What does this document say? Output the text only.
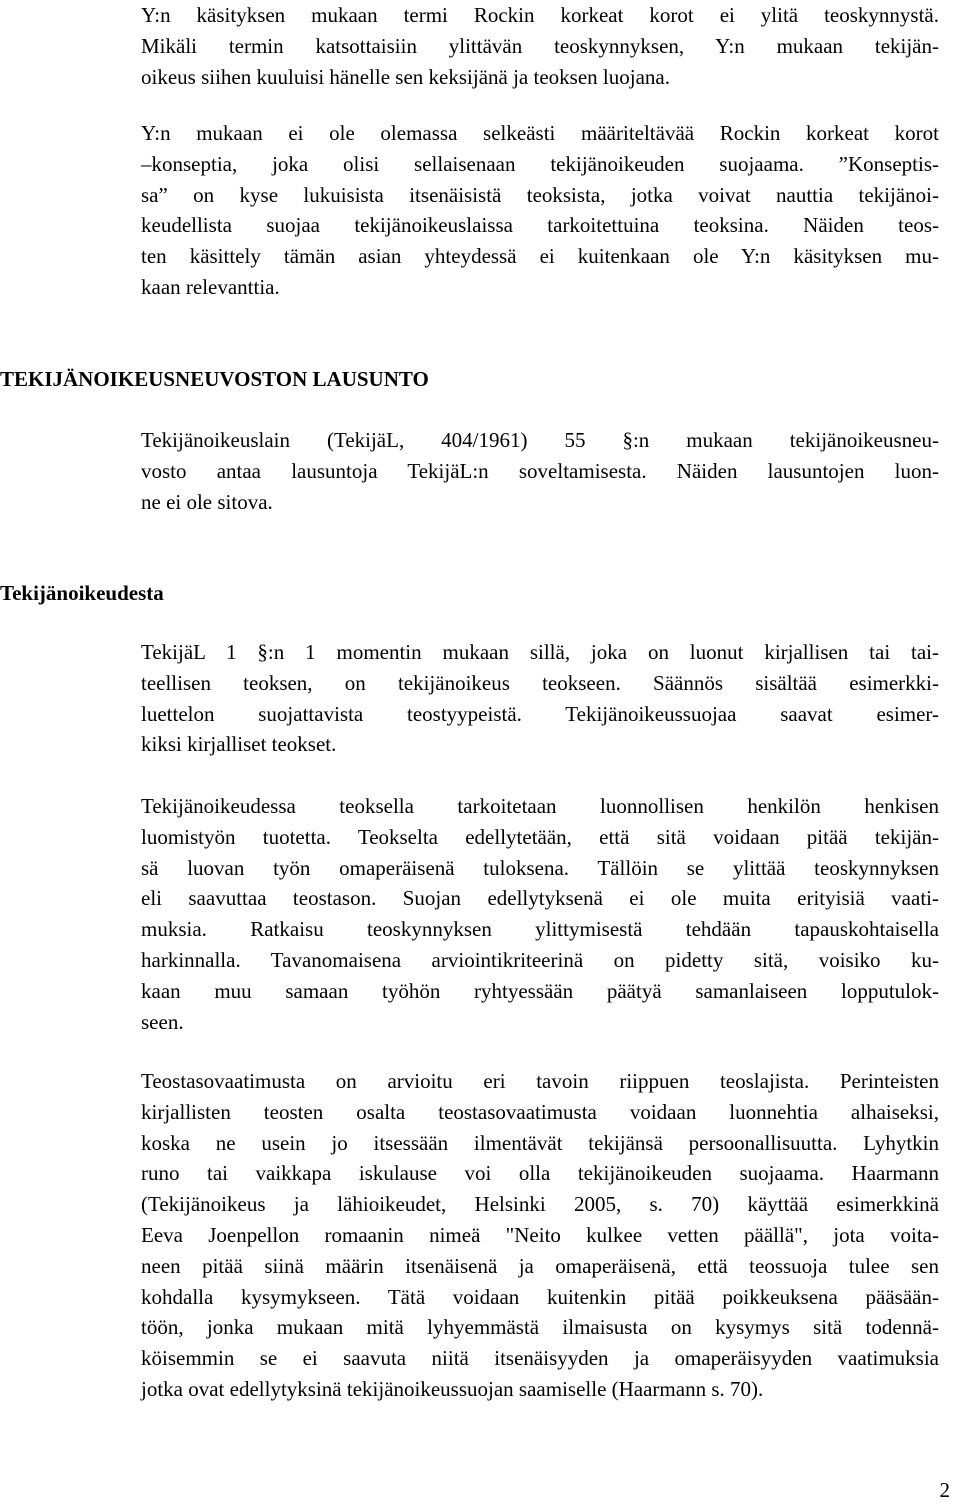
Y:n käsityksen mukaan termi Rockin korkeat korot ei ylitä teoskynnystä.
Mikäli termin katsottaisiin ylittävän teoskynnyksen, Y:n mukaan tekijän-
oikeus siihen kuuluisi hänelle sen keksijänä ja teoksen luojana.
Y:n mukaan ei ole olemassa selkeästi määriteltävää Rockin korkeat korot
–konseptia, joka olisi sellaisenaan tekijänoikeuden suojaama. ”Konseptis-
sa” on kyse lukuisista itsenäisistä teoksista, jotka voivat nauttia tekijänoi-
keudellista suojaa tekijänoikeuslaissa tarkoitettuina teoksina. Näiden teos-
ten käsittely tämän asian yhteydessä ei kuitenkaan ole Y:n käsityksen mu-
kaan relevanttia.
TEKIJÄNOIKEUSNEUVOSTON LAUSUNTO
Tekijänoikeuslain (TekijäL, 404/1961) 55 §:n mukaan tekijänoikeusneu-
vosto antaa lausuntoja TekijäL:n soveltamisesta. Näiden lausuntojen luon-
ne ei ole sitova.
Tekijänoikeudesta
TekijäL 1 §:n 1 momentin mukaan sillä, joka on luonut kirjallisen tai tai-
teellisen teoksen, on tekijänoikeus teokseen. Säännös sisältää esimerkki-
luettelon suojattavista teostyypeistä. Tekijänoikeussuojaa saavat esimer-
kiksi kirjalliset teokset.
Tekijänoikeudessa teoksella tarkoitetaan luonnollisen henkilön henkisen
luomistyön tuotetta. Teokselta edellytetään, että sitä voidaan pitää tekijän-
sä luovan työn omaperäisenä tuloksena. Tällöin se ylittää teoskynnyksen
eli saavuttaa teostason. Suojan edellytyksenä ei ole muita erityisiä vaati-
muksia. Ratkaisu teoskynnyksen ylittymisestä tehdään tapauskohtaisella
harkinnalla. Tavanomaisena arviointikriteerinä on pidetty sitä, voisiko ku-
kaan muu samaan työhön ryhtyessään päätyä samanlaiseen lopputulok-
seen.
Teostasovaatimusta on arvioitu eri tavoin riippuen teoslajista. Perinteisten
kirjallisten teosten osalta teostasovaatimusta voidaan luonnehtia alhaiseksi,
koska ne usein jo itsessään ilmentävät tekijänsä persoonallisuutta. Lyhytkin
runo tai vaikkapa iskulause voi olla tekijänoikeuden suojaama. Haarmann
(Tekijänoikeus ja lähioikeudet, Helsinki 2005, s. 70) käyttää esimerkkinä
Eeva Joenpellon romaanin nimeä "Neito kulkee vetten päällä", jota voita-
neen pitää siinä määrin itsenäisenä ja omaperäisenä, että teossuoja tulee sen
kohdalla kysymykseen. Tätä voidaan kuitenkin pitää poikkeuksena pääsään-
töön, jonka mukaan mitä lyhyemmästä ilmaisusta on kysymys sitä todennä-
köisemmin se ei saavuta niitä itsenäisyyden ja omaperäisyyden vaatimuksia
jotka ovat edellytyksinä tekijänoikeussuojan saamiselle (Haarmann s. 70).
2
